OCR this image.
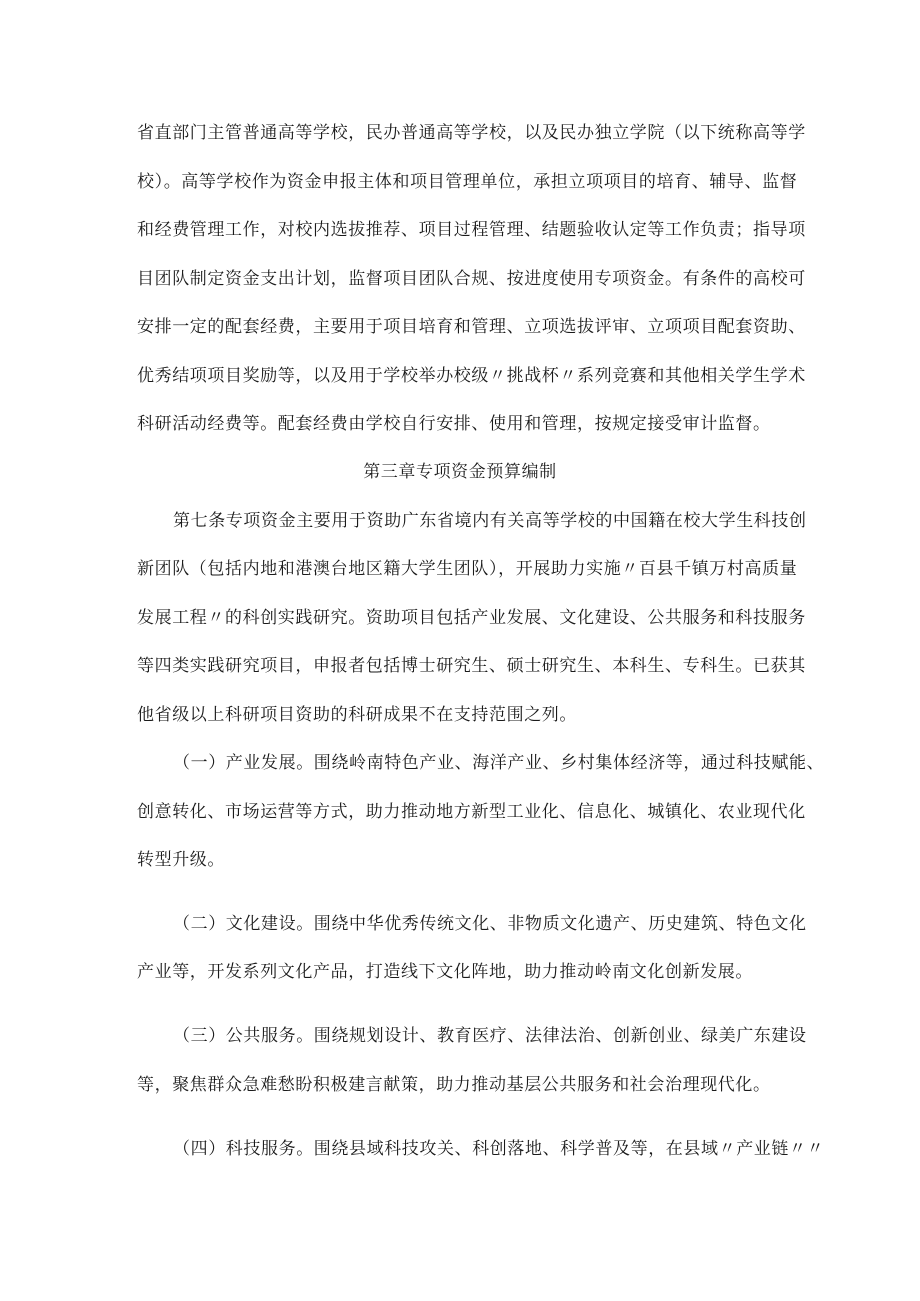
省直部门主管普通高等学校，民办普通高等学校，以及民办独立学院（以下统称高等学
校）。高等学校作为资金申报主体和项目管理单位，承担立项项目的培育、辅导、监督
和经费管理工作，对校内选拔推荐、项目过程管理、结题验收认定等工作负责；指导项
目团队制定资金支出计划，监督项目团队合规、按进度使用专项资金。有条件的高校可
安排一定的配套经费，主要用于项目培育和管理、立项选拔评审、立项项目配套资助、
优秀结项项目奖励等，以及用于学校举办校级〃挑战杯〃系列竞赛和其他相关学生学术
科研活动经费等。配套经费由学校自行安排、使用和管理，按规定接受审计监督。
第三章专项资金预算编制
第七条专项资金主要用于资助广东省境内有关高等学校的中国籍在校大学生科技创
新团队（包括内地和港澳台地区籍大学生团队），开展助力实施〃百县千镇万村高质量
发展工程〃的科创实践研究。资助项目包括产业发展、文化建设、公共服务和科技服务
等四类实践研究项目，申报者包括博士研究生、硕士研究生、本科生、专科生。已获其
他省级以上科研项目资助的科研成果不在支持范围之列。
（一）产业发展。围绕岭南特色产业、海洋产业、乡村集体经济等，通过科技赋能、
创意转化、市场运营等方式，助力推动地方新型工业化、信息化、城镇化、农业现代化
转型升级。
（二）文化建设。围绕中华优秀传统文化、非物质文化遗产、历史建筑、特色文化
产业等，开发系列文化产品，打造线下文化阵地，助力推动岭南文化创新发展。
（三）公共服务。围绕规划设计、教育医疗、法律法治、创新创业、绿美广东建设
等，聚焦群众急难愁盼积极建言献策，助力推动基层公共服务和社会治理现代化。
（四）科技服务。围绕县域科技攻关、科创落地、科学普及等，在县域〃产业链〃〃
